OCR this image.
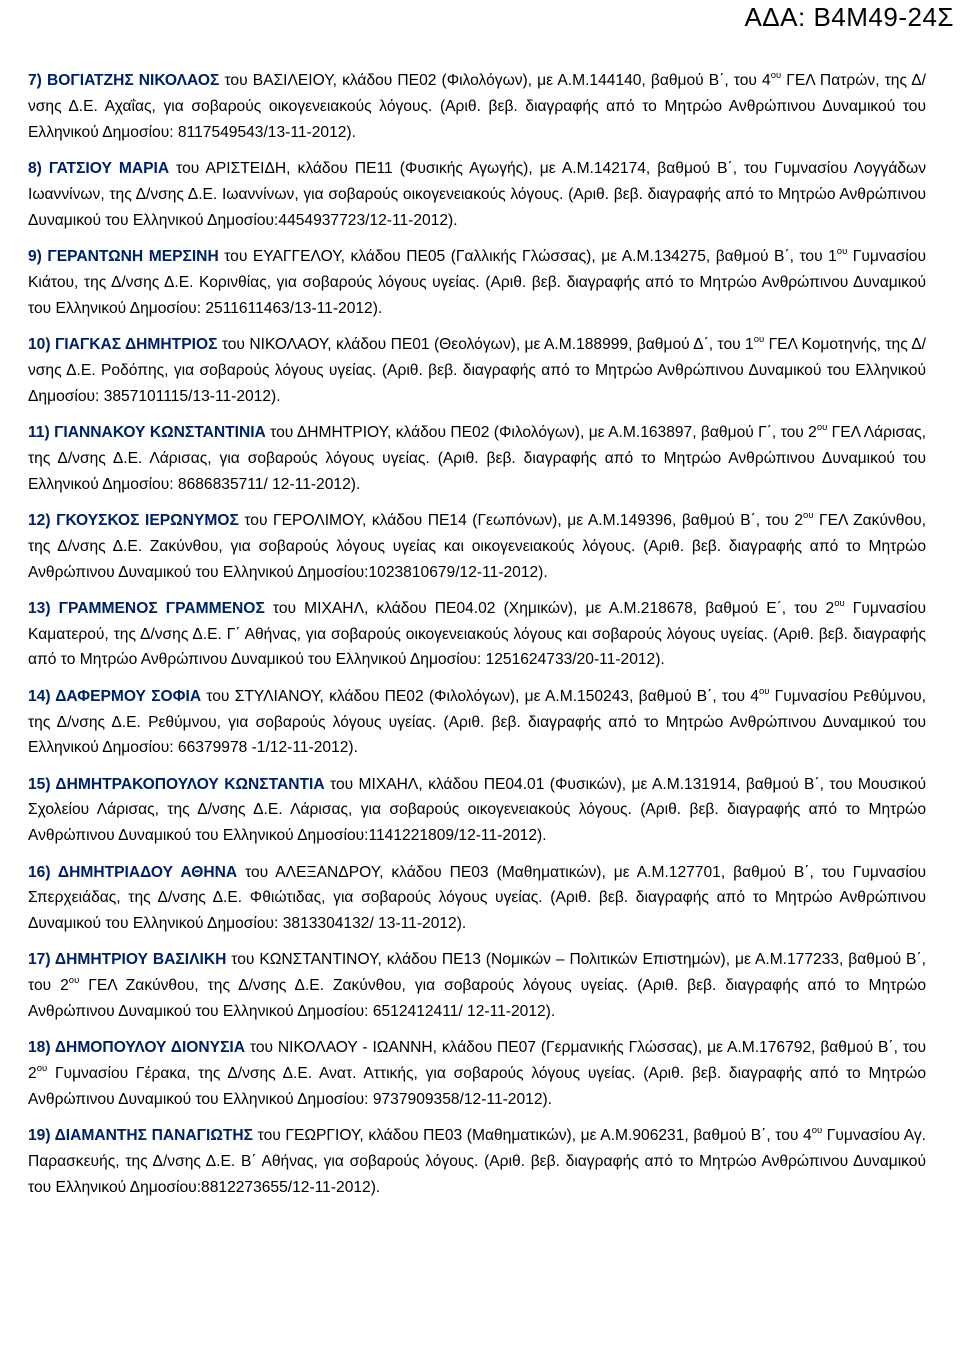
ΑΔΑ: Β4Μ49-24Σ

7) ΒΟΓΙΑΤΖΗΣ ΝΙΚΟΛΑΟΣ του ΒΑΣΙΛΕΙΟΥ, κλάδου ΠΕ02 (Φιλολόγων), με Α.Μ.144140, βαθμού Β΄, του $4^{o\upsilon}$ ΓΕΛ Πατρών, της Δ/νσης Δ.Ε. Αχαΐας, για σοβαρούς οικογενειακούς λόγους. (Αριθ. βεβ. διαγραφής από το Μητρώο Ανθρώπινου Δυναμικού του Ελληνικού Δημοσίου: 8117549543/13-11-2012).

8) ΓΑΤΣΙΟΥ ΜΑΡΙΑ του ΑΡΙΣΤΕΙΔΗ, κλάδου ΠΕ11 (Φυσικής Αγωγής), με Α.Μ.142174, βαθμού Β΄, του Γυμνασίου Λογγάδων Ιωαννίνων, της Δ/νσης Δ.Ε. Ιωαννίνων, για σοβαρούς οικογενειακούς λόγους. (Αριθ. βεβ. διαγραφής από το Μητρώο Ανθρώπινου Δυναμικού του Ελληνικού Δημοσίου:4454937723/12-11-2012).

9) ΓΕΡΑΝΤΩΝΗ ΜΕΡΣΙΝΗ του ΕΥΑΓΓΕΛΟΥ, κλάδου ΠΕ05 (Γαλλικής Γλώσσας), με Α.Μ.134275, βαθμού Β΄, του $1^{o\upsilon}$ Γυμνασίου Κιάτου, της Δ/νσης Δ.Ε. Κορινθίας, για σοβαρούς λόγους υγείας. (Αριθ. βεβ. διαγραφής από το Μητρώο Ανθρώπινου Δυναμικού του Ελληνικού Δημοσίου: 2511611463/13-11-2012).

10) ΓΙΑΓΚΑΣ ΔΗΜΗΤΡΙΟΣ του ΝΙΚΟΛΑΟΥ, κλάδου ΠΕ01 (Θεολόγων), με Α.Μ.188999, βαθμού Δ΄, του $1^{o\upsilon}$ ΓΕΛ Κομοτηνής, της Δ/νσης Δ.Ε. Ροδόπης, για σοβαρούς λόγους υγείας. (Αριθ. βεβ. διαγραφής από το Μητρώο Ανθρώπινου Δυναμικού του Ελληνικού Δημοσίου: 3857101115/13-11-2012).

11) ΓΙΑΝΝΑΚΟΥ ΚΩΝΣΤΑΝΤΙΝΙΑ του ΔΗΜΗΤΡΙΟΥ, κλάδου ΠΕ02 (Φιλολόγων), με Α.Μ.163897, βαθμού Γ΄, του $2^{o\upsilon}$ ΓΕΛ Λάρισας, της Δ/νσης Δ.Ε. Λάρισας, για σοβαρούς λόγους υγείας. (Αριθ. βεβ. διαγραφής από το Μητρώο Ανθρώπινου Δυναμικού του Ελληνικού Δημοσίου: 8686835711/ 12-11-2012).

12) ΓΚΟΥΣΚΟΣ ΙΕΡΩΝΥΜΟΣ του ΓΕΡΟΛΙΜΟΥ, κλάδου ΠΕ14 (Γεωπόνων), με Α.Μ.149396, βαθμού Β΄, του $2^{o\upsilon}$ ΓΕΛ Ζακύνθου, της Δ/νσης Δ.Ε. Ζακύνθου, για σοβαρούς λόγους υγείας και οικογενειακούς λόγους. (Αριθ. βεβ. διαγραφής από το Μητρώο Ανθρώπινου Δυναμικού του Ελληνικού Δημοσίου:1023810679/12-11-2012).

13) ΓΡΑΜΜΕΝΟΣ ΓΡΑΜΜΕΝΟΣ του ΜΙΧΑΗΛ, κλάδου ΠΕ04.02 (Χημικών), με Α.Μ.218678, βαθμού Ε΄, του $2^{o\upsilon}$ Γυμνασίου Καματερού, της Δ/νσης Δ.Ε. Γ΄ Αθήνας, για σοβαρούς οικογενειακούς λόγους και σοβαρούς λόγους υγείας. (Αριθ. βεβ. διαγραφής από το Μητρώο Ανθρώπινου Δυναμικού του Ελληνικού Δημοσίου: 1251624733/20-11-2012).

14) ΔΑΦΕΡΜΟΥ ΣΟΦΙΑ του ΣΤΥΛΙΑΝΟΥ, κλάδου ΠΕ02 (Φιλολόγων), με Α.Μ.150243, βαθμού Β΄, του $4^{o\upsilon}$ Γυμνασίου Ρεθύμνου, της Δ/νσης Δ.Ε. Ρεθύμνου, για σοβαρούς λόγους υγείας. (Αριθ. βεβ. διαγραφής από το Μητρώο Ανθρώπινου Δυναμικού του Ελληνικού Δημοσίου: 66379978 -1/12-11-2012).

15) ΔΗΜΗΤΡΑΚΟΠΟΥΛΟΥ ΚΩΝΣΤΑΝΤΙΑ του ΜΙΧΑΗΛ, κλάδου ΠΕ04.01 (Φυσικών), με Α.Μ.131914, βαθμού Β΄, του Μουσικού Σχολείου Λάρισας, της Δ/νσης Δ.Ε. Λάρισας, για σοβαρούς οικογενειακούς λόγους. (Αριθ. βεβ. διαγραφής από το Μητρώο Ανθρώπινου Δυναμικού του Ελληνικού Δημοσίου:1141221809/12-11-2012).

16) ΔΗΜΗΤΡΙΑΔΟΥ ΑΘΗΝΑ του ΑΛΕΞΑΝΔΡΟΥ, κλάδου ΠΕ03 (Μαθηματικών), με Α.Μ.127701, βαθμού Β΄, του Γυμνασίου Σπερχειάδας, της Δ/νσης Δ.Ε. Φθιώτιδας, για σοβαρούς λόγους υγείας. (Αριθ. βεβ. διαγραφής από το Μητρώο Ανθρώπινου Δυναμικού του Ελληνικού Δημοσίου: 3813304132/ 13-11-2012).

17) ΔΗΜΗΤΡΙΟΥ ΒΑΣΙΛΙΚΗ του ΚΩΝΣΤΑΝΤΙΝΟΥ, κλάδου ΠΕ13 (Νομικών – Πολιτικών Επιστημών), με Α.Μ.177233, βαθμού Β΄, του $2^{o\upsilon}$ ΓΕΛ Ζακύνθου, της Δ/νσης Δ.Ε. Ζακύνθου, για σοβαρούς λόγους υγείας. (Αριθ. βεβ. διαγραφής από το Μητρώο Ανθρώπινου Δυναμικού του Ελληνικού Δημοσίου: 6512412411/ 12-11-2012).

18) ΔΗΜΟΠΟΥΛΟΥ ΔΙΟΝΥΣΙΑ του ΝΙΚΟΛΑΟΥ - ΙΩΑΝΝΗ, κλάδου ΠΕ07 (Γερμανικής Γλώσσας), με Α.Μ.176792, βαθμού Β΄, του $2^{o\upsilon}$ Γυμνασίου Γέρακα, της Δ/νσης Δ.Ε. Ανατ. Αττικής, για σοβαρούς λόγους υγείας. (Αριθ. βεβ. διαγραφής από το Μητρώο Ανθρώπινου Δυναμικού του Ελληνικού Δημοσίου: 9737909358/12-11-2012).

19) ΔΙΑΜΑΝΤΗΣ ΠΑΝΑΓΙΩΤΗΣ του ΓΕΩΡΓΙΟΥ, κλάδου ΠΕ03 (Μαθηματικών), με Α.Μ.906231, βαθμού Β΄, του $4^{o\upsilon}$ Γυμνασίου Αγ. Παρασκευής, της Δ/νσης Δ.Ε. Β΄ Αθήνας, για σοβαρούς λόγους. (Αριθ. βεβ. διαγραφής από το Μητρώο Ανθρώπινου Δυναμικού του Ελληνικού Δημοσίου:8812273655/12-11-2012).
